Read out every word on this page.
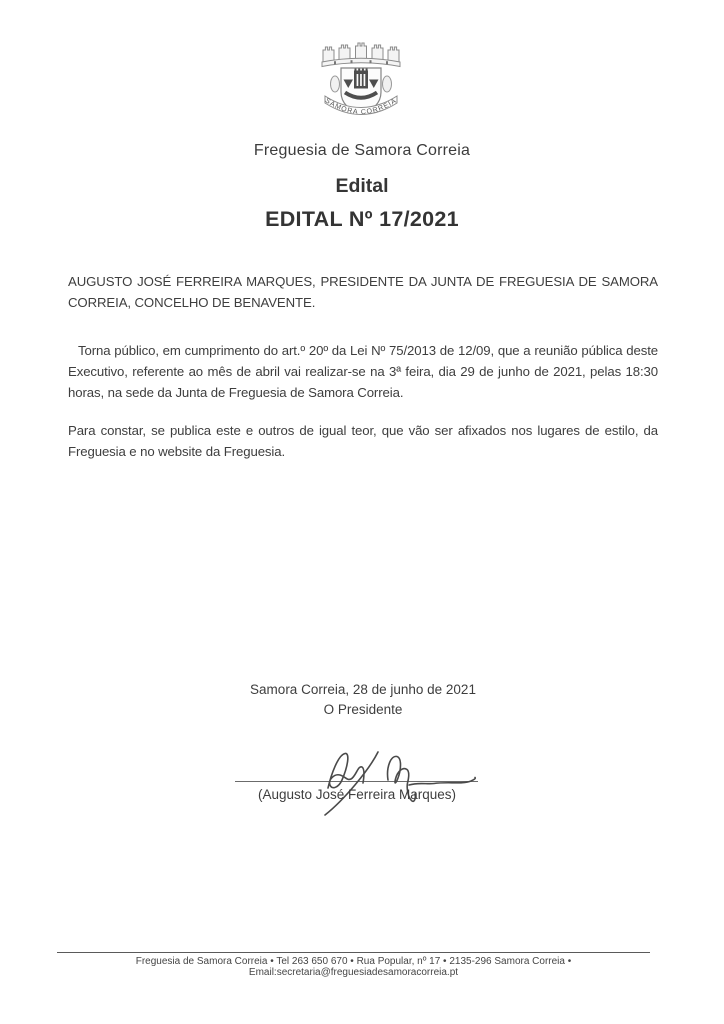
SAMORA CORREIA
Freguesia de Samora Correia
Edital
EDITAL Nº 17/2021

AUGUSTO JOSÉ FERREIRA MARQUES, PRESIDENTE DA JUNTA DE FREGUESIA DE SAMORA CORREIA, CONCELHO DE BENAVENTE.

Torna público, em cumprimento do art.º 20º da Lei Nº 75/2013 de 12/09, que a reunião pública deste Executivo, referente ao mês de abril vai realizar-se na 3ª feira, dia 29 de junho de 2021, pelas 18:30 horas, na sede da Junta de Freguesia de Samora Correia.

Para constar, se publica este e outros de igual teor, que vão ser afixados nos lugares de estilo, da Freguesia e no website da Freguesia.

Samora Correia, 28 de junho de 2021
O Presidente
(Augusto José Ferreira Marques)
Freguesia de Samora Correia • Tel 263 650 670 • Rua Popular, nº 17 • 2135-296 Samora Correia • Email:secretaria@freguesiadesamoracorreia.pt
